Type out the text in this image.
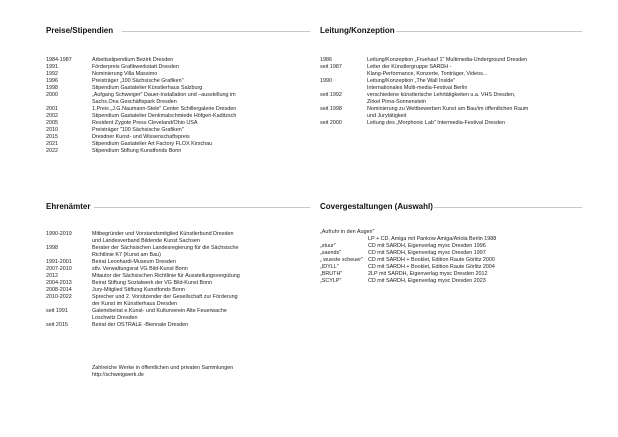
Preise/Stipendien
1984-1987	Arbeitsstipendium Bezirk Dresden
1991	Förderpreis Grafikwerkstatt Dresden
1992	Nominierung Villa Massimo
1996	Preisträger „100 Sächsische Grafiken"
1998	Stipendium Gastatelier Künstlerhaus Salzburg
2000	„Aufgang Schweiger" Dauer-Installation und –ausstellung im
Sachs.Ona Geschäftspark Dresden
2001	1.Preis „J.G.Naumann-Stele" Center Schillergalerie Dresden
2002	Stipendium Gastatelier Denkmalschmiede Höfgen-Kaditzsch
2005	Resident Zygote Press Cleveland/Ohio USA
2010	Preisträger "100 Sächsische Grafiken"
2015	Dresdner Kunst- und Wissenschaftspreis
2021	Stipendium Gastatelier Art Factory FLOX Kirschau
2022	Stipendium Stiftung Kunstfonds Bonn
Leitung/Konzeption
1986	Leitung/Konzeption „Fruehauf 1" Multimedia-Underground Dresden
seit 1987	Leiter der Künstlergruppe SARDH -
Klang-Performance, Konzerte, Tonträger, Videos...
1990	Leitung/Konzeption „The Wall Inside"
Internationales Multi-media-Festival Berlin
seit 1992	verschiedene künstlerische Lehrtätigkeiten u.a. VHS Dresden,
Zirkel Pirna-Sonnenstein
seit 1998	Nominierung zu Wettbewerben Kunst am Bau/im öffentlichen Raum
und Jurytätigkeit
seit 2000	Leitung des „Morphonic Lab" Intermedia-Festival Dresden
Ehrenämter
1990-2019	Mitbegründer und Vorstandsmitglied Künstlerbund Dresden
und Landesverband Bildende Kunst Sachsen
1998	Berater der Sächsischen Landesregierung für die Sächsische
Richtlinie K7 (Kunst am Bau)
1991-2001	Beirat Leonhardi-Museum Dresden
2007-2010	stlv. Verwaltungsrat VG Bild-Kunst Bonn
2012	Mitautor der Sächsischen Richtlinie für Ausstellungsvergütung
2004-2013	Beirat Stiftung Sozialwerk der VG Bild-Kunst Bonn
2008-2014	Jury-Mitglied Stiftung Kunstfonds Bonn
2010-2022	Sprecher und 2. Vorsitzender der Gesellschaft zur Förderung
der Kunst im Künstlerhaus Dresden
seit 1991	Galeriebeirat e.Kunst- und Kulturverein Alte Feuerwache
Loschwitz Dresden
seit 2015	Beirat der OSTRALE -Biennale Dresden
Zahlreiche Werke in öffentlichen und privaten Sammlungen
http://schweigwerk.de
Covergestaltungen (Auswahl)
„Aufruhr in den Augen"
LP + CD, Amiga mit Pankow Amiga/Ariola Berlin 1988
„stuur"	CD mit SARDH, Eigenverlag mysc Dresden 1996
„saends"	CD mit SARDH, Eigenverlag mysc Dresden 1997
„ wueste scheuer" CD mit SARDH + Booklet, Edition Raute Görlitz 2000
„IDYLL"	CD mit SARDH + Booklet, Edition Raute Görlitz 2004
„BRUTH"	2LP mit SARDH, Eigenverlag mysc Dresden 2012
„SCYLP"	CD mit SARDH, Eigenverlag mysc Dresden 2023
